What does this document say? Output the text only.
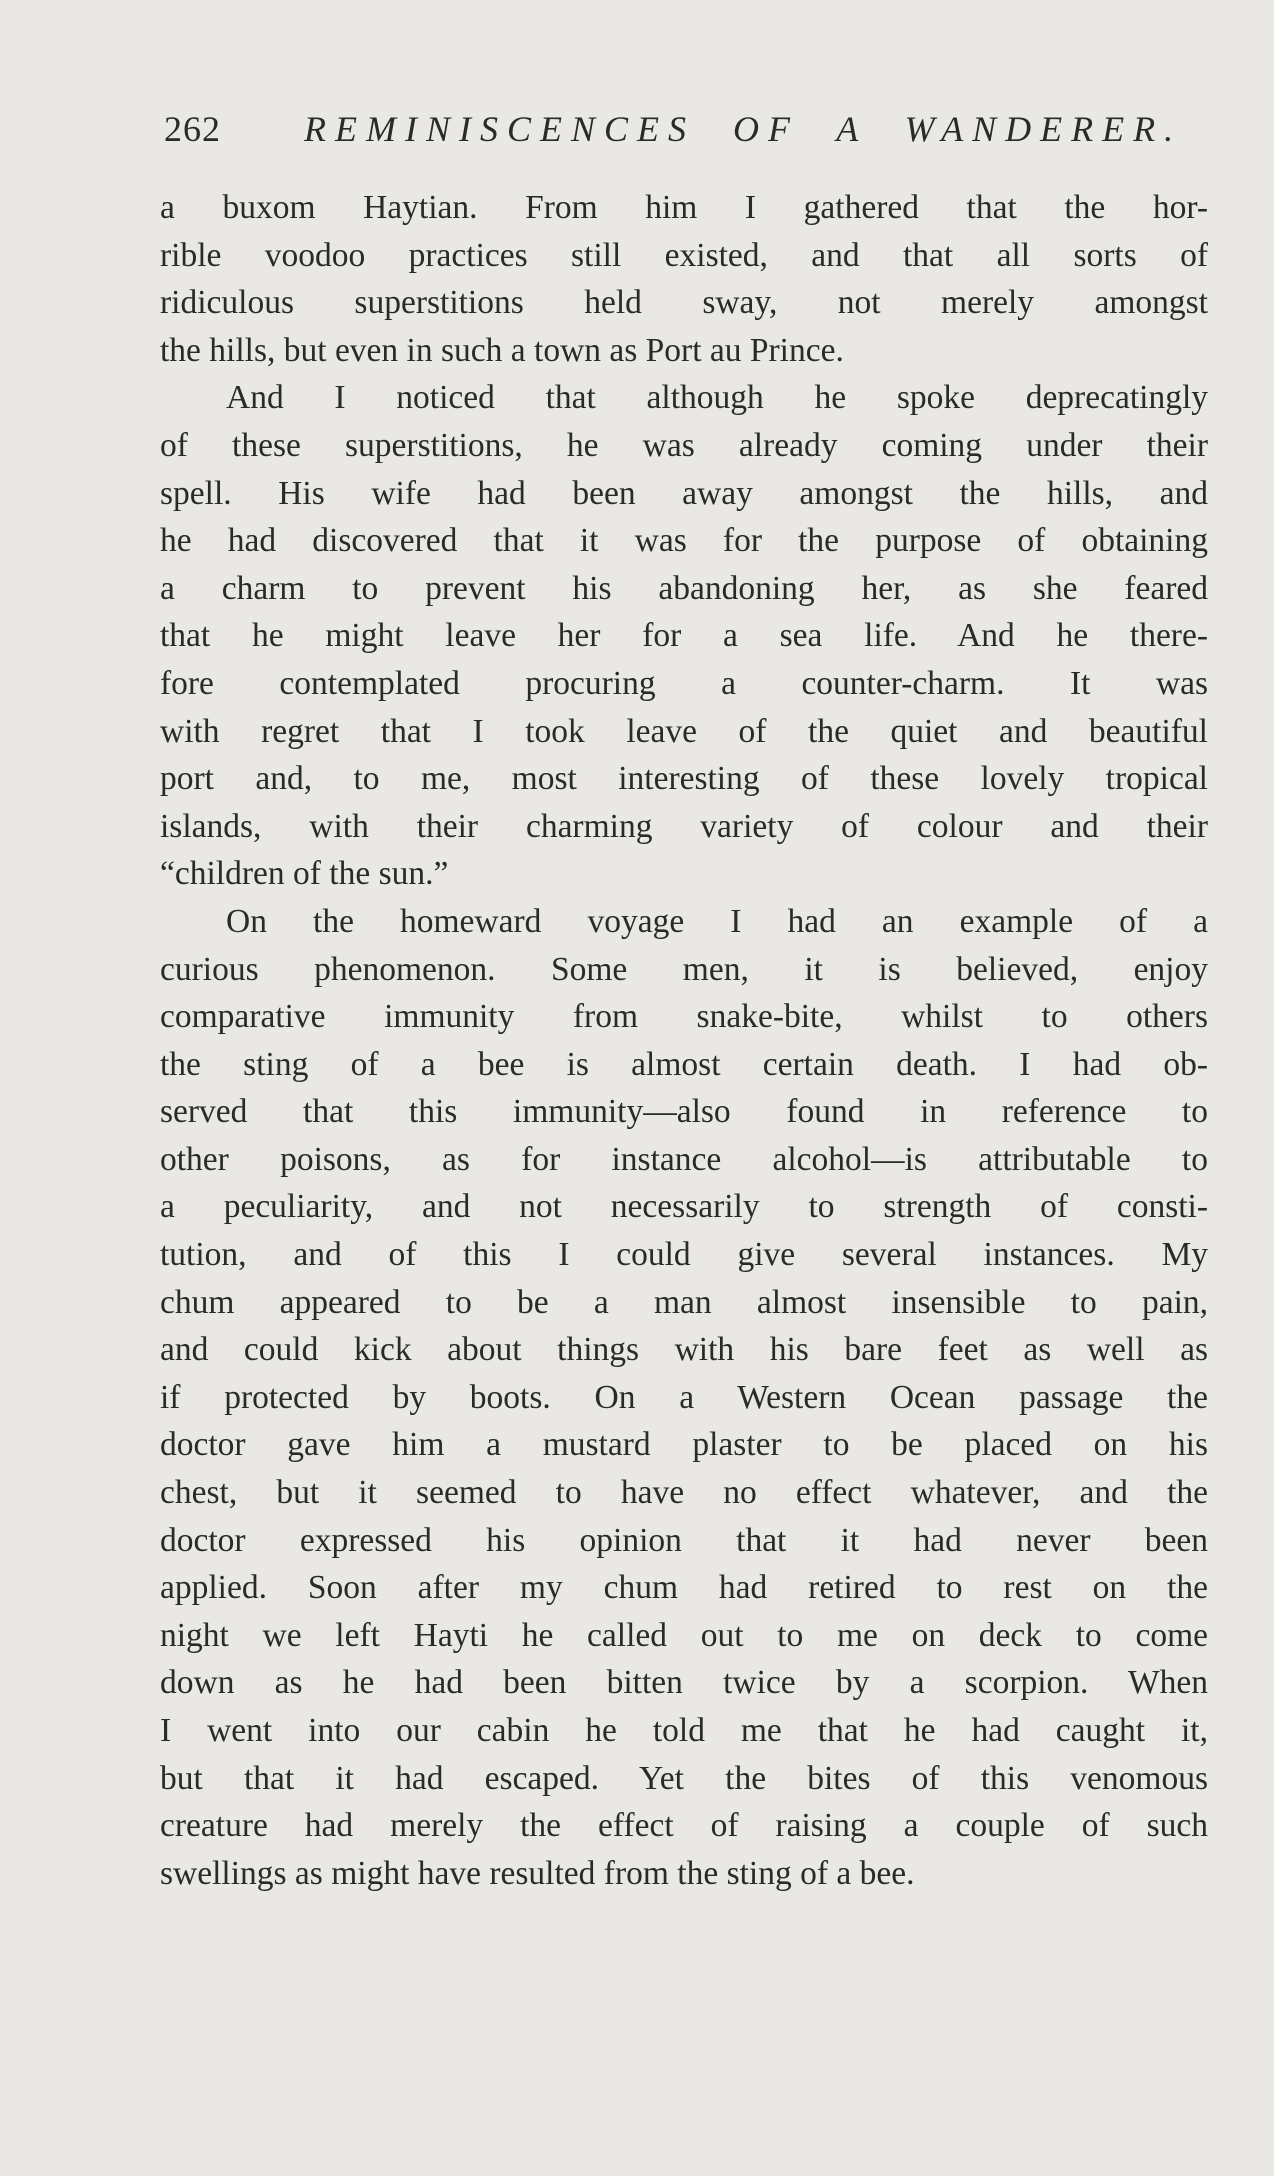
262 REMINISCENCES OF A WANDERER.
a buxom Haytian. From him I gathered that the hor-
rible voodoo practices still existed, and that all sorts of
ridiculous superstitions held sway, not merely amongst
the hills, but even in such a town as Port au Prince.
And I noticed that although he spoke deprecatingly
of these superstitions, he was already coming under their
spell. His wife had been away amongst the hills, and
he had discovered that it was for the purpose of obtaining
a charm to prevent his abandoning her, as she feared
that he might leave her for a sea life. And he there-
fore contemplated procuring a counter-charm. It was
with regret that I took leave of the quiet and beautiful
port and, to me, most interesting of these lovely tropical
islands, with their charming variety of colour and their
“children of the sun.”
On the homeward voyage I had an example of a
curious phenomenon. Some men, it is believed, enjoy
comparative immunity from snake-bite, whilst to others
the sting of a bee is almost certain death. I had ob-
served that this immunity—also found in reference to
other poisons, as for instance alcohol—is attributable to
a peculiarity, and not necessarily to strength of consti-
tution, and of this I could give several instances. My
chum appeared to be a man almost insensible to pain,
and could kick about things with his bare feet as well as
if protected by boots. On a Western Ocean passage the
doctor gave him a mustard plaster to be placed on his
chest, but it seemed to have no effect whatever, and the
doctor expressed his opinion that it had never been
applied. Soon after my chum had retired to rest on the
night we left Hayti he called out to me on deck to come
down as he had been bitten twice by a scorpion. When
I went into our cabin he told me that he had caught it,
but that it had escaped. Yet the bites of this venomous
creature had merely the effect of raising a couple of such
swellings as might have resulted from the sting of a bee.
